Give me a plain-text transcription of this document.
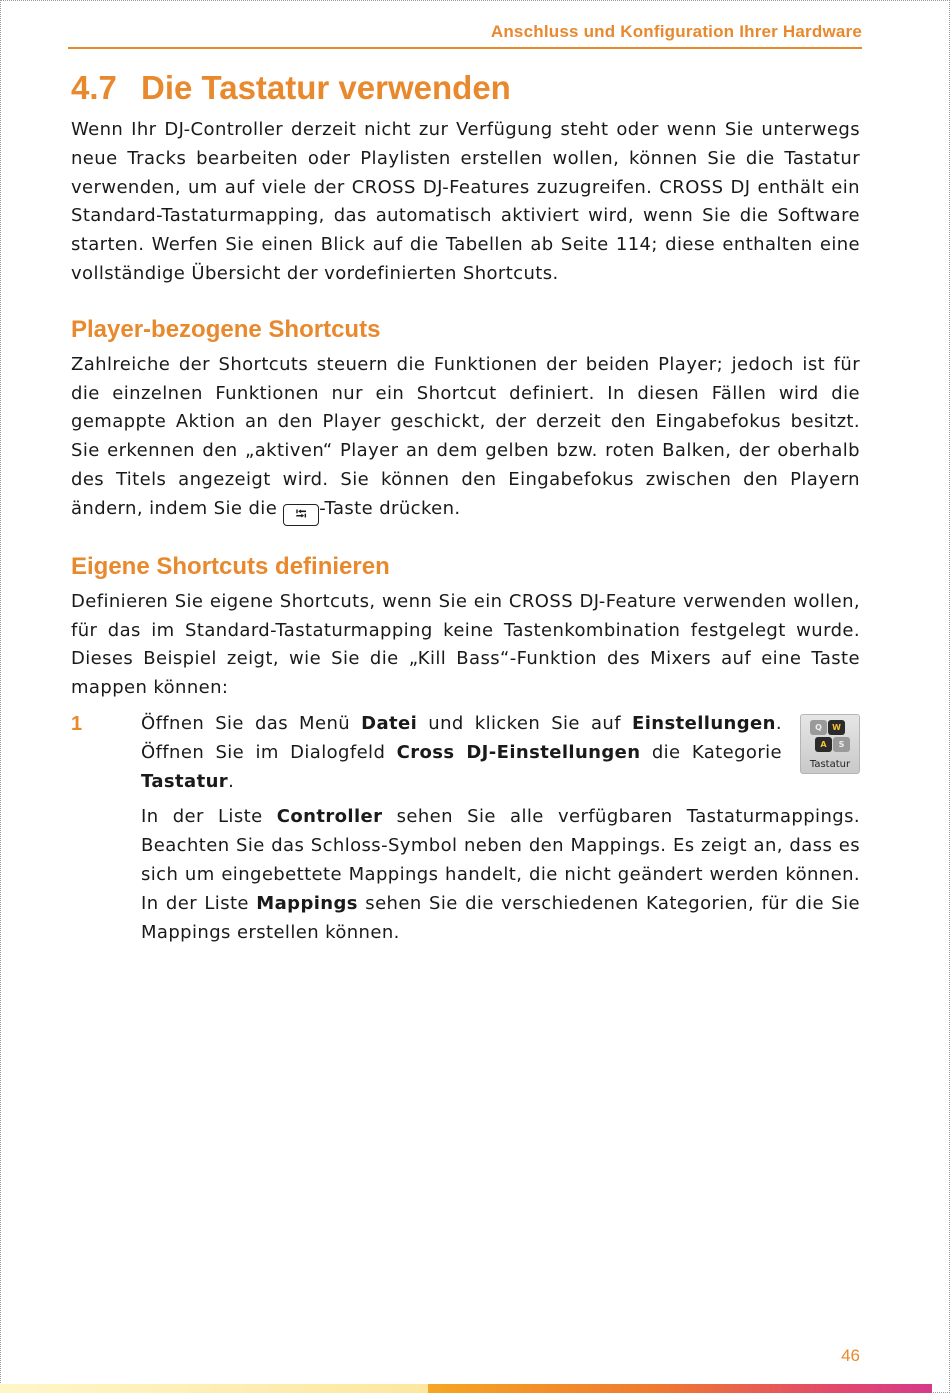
Anschluss und Konfiguration Ihrer Hardware
4.7 Die Tastatur verwenden

Wenn Ihr DJ-Controller derzeit nicht zur Verfügung steht oder wenn Sie unterwegs neue Tracks bearbeiten oder Playlisten erstellen wollen, können Sie die Tastatur verwenden, um auf viele der CROSS DJ-Features zuzugreifen. CROSS DJ enthält ein Standard-Tastaturmapping, das automatisch aktiviert wird, wenn Sie die Software starten. Werfen Sie einen Blick auf die Tabellen ab Seite 114; diese enthalten eine vollständige Übersicht der vordefinierten Shortcuts.

Player-bezogene Shortcuts

Zahlreiche der Shortcuts steuern die Funktionen der beiden Player; jedoch ist für die einzelnen Funktionen nur ein Shortcut definiert. In diesen Fällen wird die gemappte Aktion an den Player geschickt, der derzeit den Eingabefokus besitzt. Sie erkennen den „aktiven“ Player an dem gelben bzw. roten Balken, der oberhalb des Titels angezeigt wird. Sie können den Eingabefokus zwischen den Playern ändern, indem Sie die ⭾ -Taste drücken.

Eigene Shortcuts definieren

Definieren Sie eigene Shortcuts, wenn Sie ein CROSS DJ-Feature verwenden wollen, für das im Standard-Tastaturmapping keine Tastenkombination festgelegt wurde. Dieses Beispiel zeigt, wie Sie die „Kill Bass“-Funktion des Mixers auf eine Taste mappen können:

1	Öffnen Sie das Menü Datei und klicken Sie auf Einstellungen. Öffnen Sie im Dialogfeld Cross DJ-Einstellungen die Kategorie Tastatur.

Q	W
A	S
Tastatur

In der Liste Controller sehen Sie alle verfügbaren Tastaturmappings. Beachten Sie das Schloss-Symbol neben den Mappings. Es zeigt an, dass es sich um eingebettete Mappings handelt, die nicht geändert werden können. In der Liste Mappings sehen Sie die verschiedenen Kategorien, für die Sie Mappings erstellen können.

46
